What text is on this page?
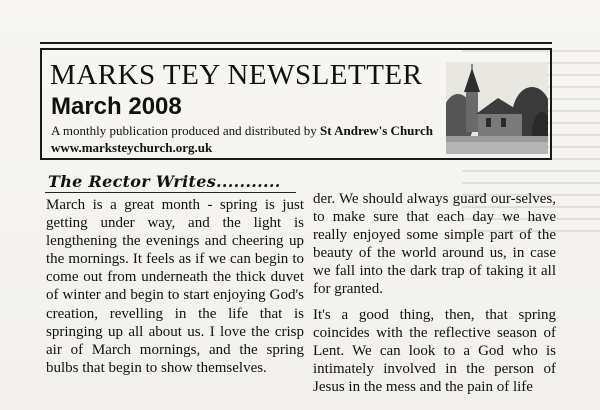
MARKS TEY NEWSLETTER
March 2008
A monthly publication produced and distributed by St Andrew's Church
www.marksteychurch.org.uk
The Rector Writes...........

March is a great month - spring is just getting under way, and the light is lengthening the evenings and cheering up the mornings. It feels as if we can begin to come out from underneath the thick duvet of winter and begin to start enjoying God's creation, revelling in the life that is springing up all about us. I love the crisp air of March mornings, and the spring bulbs that begin to show themselves.

der. We should always guard our-selves, to make sure that each day we have really enjoyed some simple part of the beauty of the world around us, in case we fall into the dark trap of taking it all for granted.

It's a good thing, then, that spring coincides with the reflective season of Lent. We can look to a God who is intimately involved in the person of Jesus in the mess and the pain of life
